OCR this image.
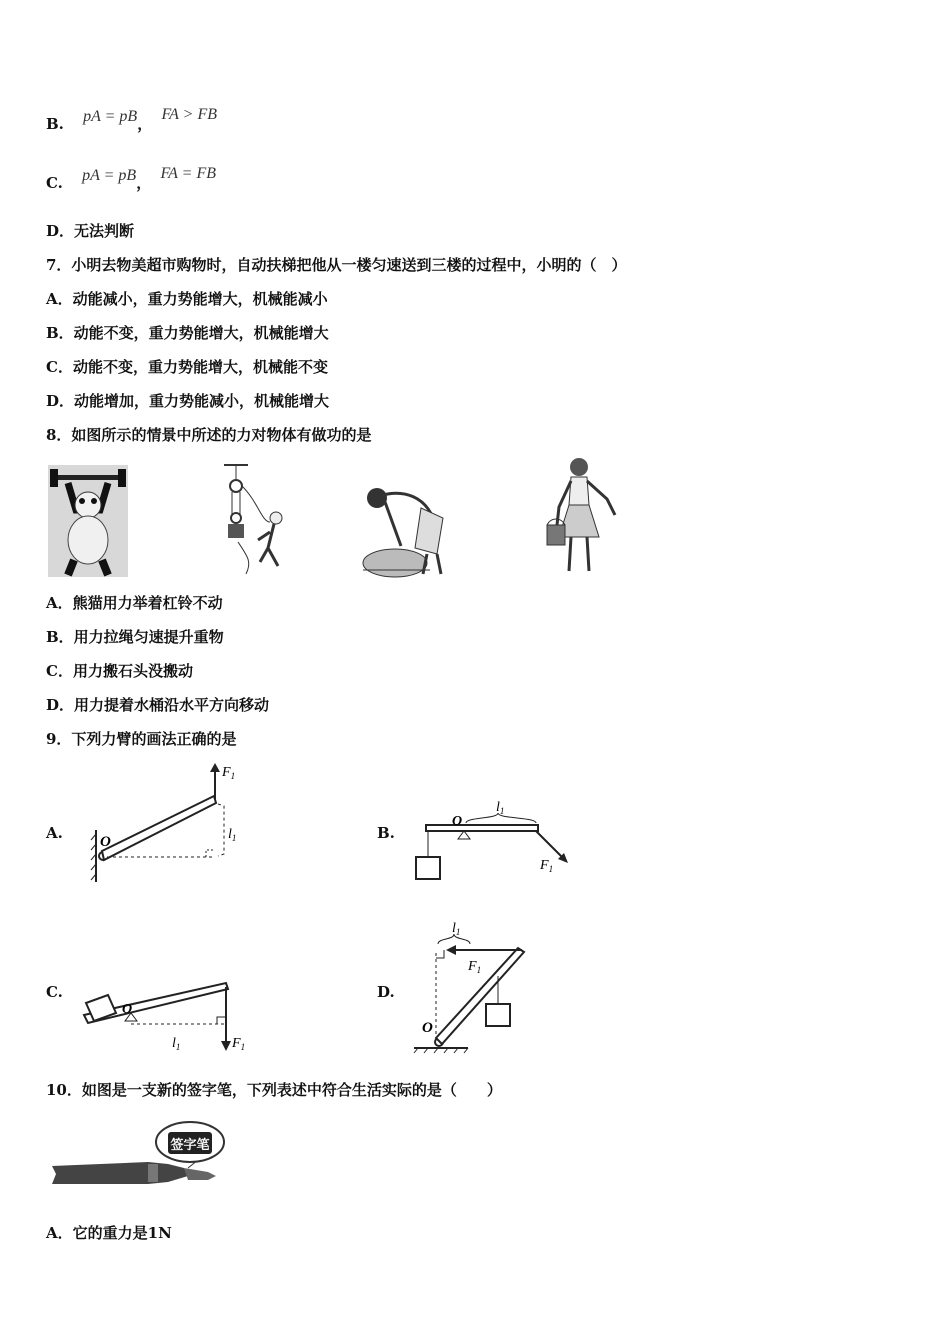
B. pA = pB， FA > FB
C. pA = pB， FA = FB
D．无法判断
7．小明去物美超市购物时，自动扶梯把他从一楼匀速送到三楼的过程中，小明的（　）
A．动能减小，重力势能增大，机械能减小
B．动能不变，重力势能增大，机械能增大
C．动能不变，重力势能增大，机械能不变
D．动能增加，重力势能减小，机械能增大
8．如图所示的情景中所述的力对物体有做功的是
A．熊猫用力举着杠铃不动
B．用力拉绳匀速提升重物
C．用力搬石头没搬动
D．用力提着水桶沿水平方向移动
9．下列力臂的画法正确的是
A.	B.
C.	D.
$F_1$
$l_1$
O
O
$l_1$
$F_1$
O
$F_1$
$l_1$
$l_1$
$F_1$
O
10．如图是一支新的签字笔，下列表述中符合生活实际的是（　　）
签字笔
A．它的重力是1N
